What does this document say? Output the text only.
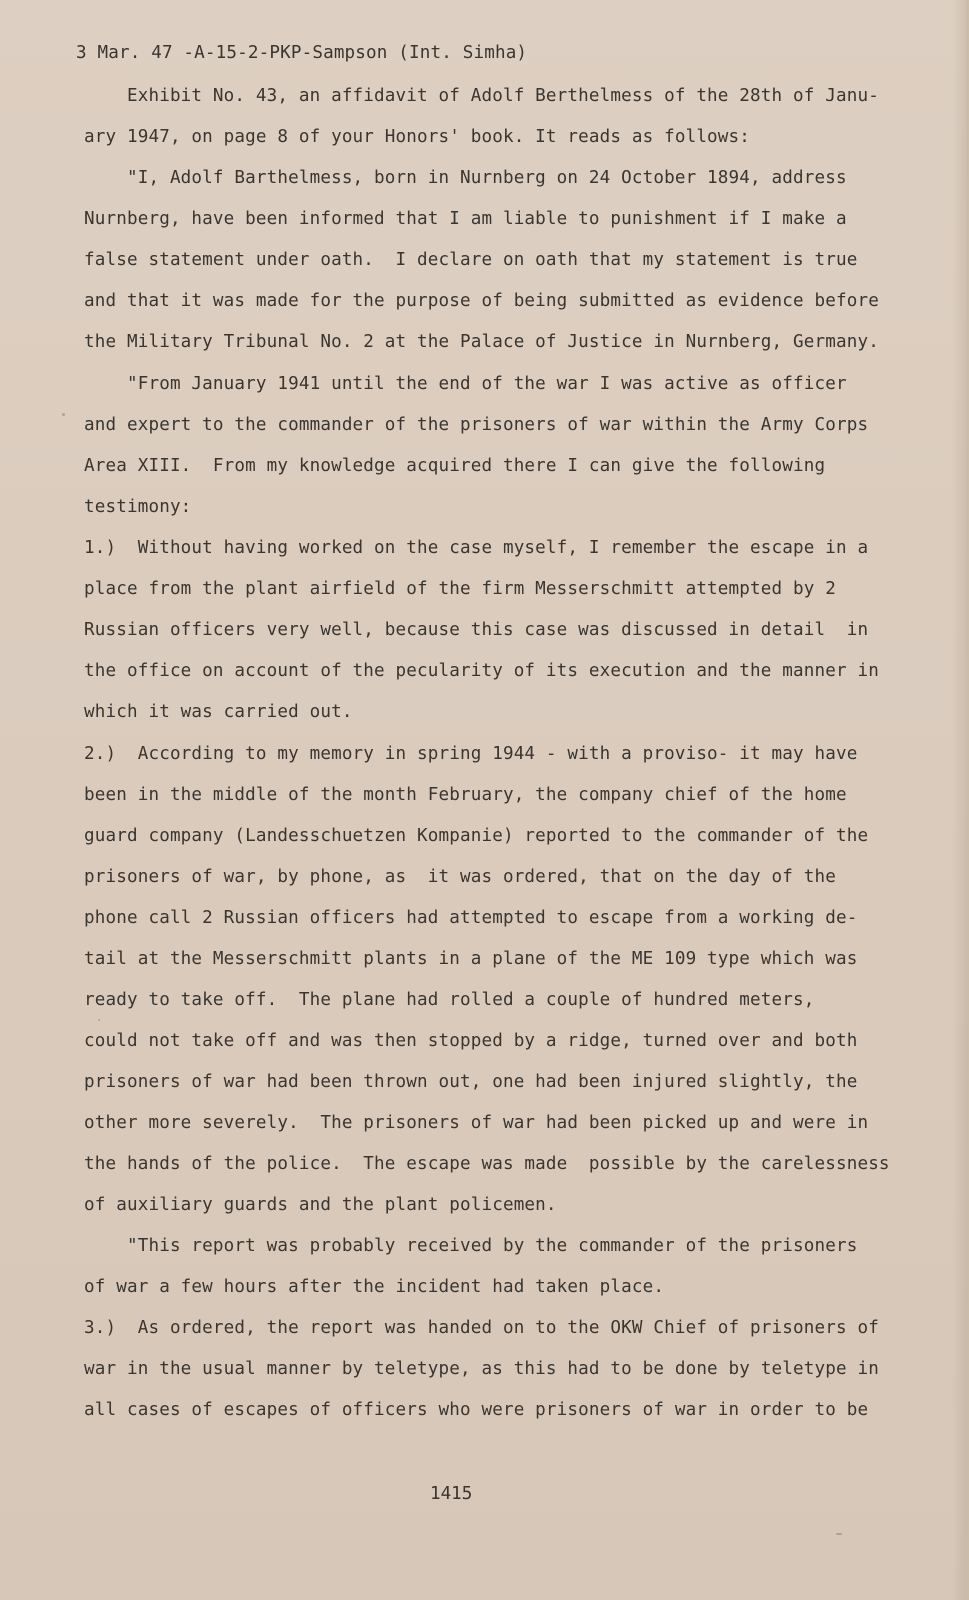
3 Mar. 47 -A-15-2-PKP-Sampson (Int. Simha)
Exhibit No. 43, an affidavit of Adolf Berthelmess of the 28th of Janu-
ary 1947, on page 8 of your Honors' book. It reads as follows:
"I, Adolf Barthelmess, born in Nurnberg on 24 October 1894, address
Nurnberg, have been informed that I am liable to punishment if I make a
false statement under oath.  I declare on oath that my statement is true
and that it was made for the purpose of being submitted as evidence before
the Military Tribunal No. 2 at the Palace of Justice in Nurnberg, Germany.
"From January 1941 until the end of the war I was active as officer
and expert to the commander of the prisoners of war within the Army Corps
Area XIII.  From my knowledge acquired there I can give the following
testimony:
1.)  Without having worked on the case myself, I remember the escape in a
place from the plant airfield of the firm Messerschmitt attempted by 2
Russian officers very well, because this case was discussed in detail  in
the office on account of the pecularity of its execution and the manner in
which it was carried out.
2.)  According to my memory in spring 1944 - with a proviso- it may have
been in the middle of the month February, the company chief of the home
guard company (Landesschuetzen Kompanie) reported to the commander of the
prisoners of war, by phone, as  it was ordered, that on the day of the
phone call 2 Russian officers had attempted to escape from a working de-
tail at the Messerschmitt plants in a plane of the ME 109 type which was
ready to take off.  The plane had rolled a couple of hundred meters,
could not take off and was then stopped by a ridge, turned over and both
prisoners of war had been thrown out, one had been injured slightly, the
other more severely.  The prisoners of war had been picked up and were in
the hands of the police.  The escape was made  possible by the carelessness
of auxiliary guards and the plant policemen.
"This report was probably received by the commander of the prisoners
of war a few hours after the incident had taken place.
3.)  As ordered, the report was handed on to the OKW Chief of prisoners of
war in the usual manner by teletype, as this had to be done by teletype in
all cases of escapes of officers who were prisoners of war in order to be
1415
